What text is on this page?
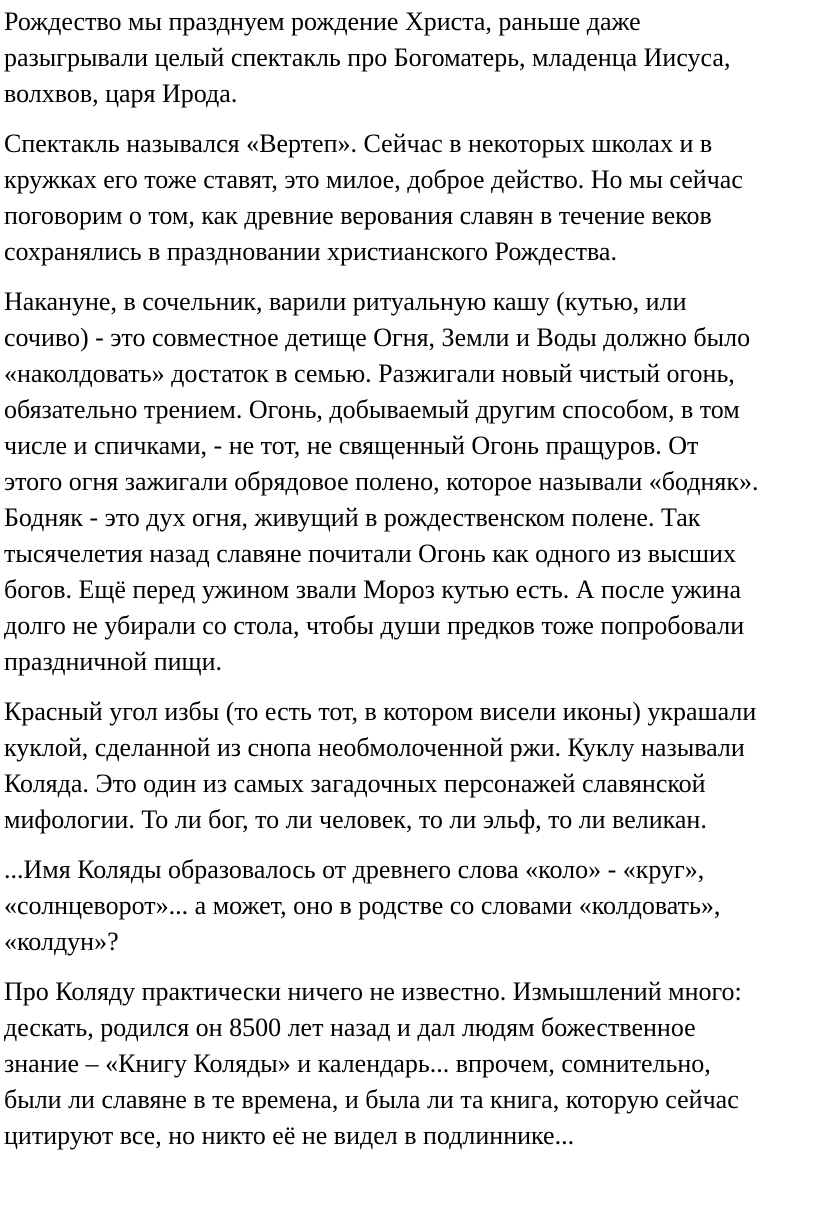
Рождество мы празднуем рождение Христа, раньше даже
разыгрывали целый спектакль про Богоматерь, младенца Иисуса,
волхвов, царя Ирода.

Спектакль назывался «Вертеп». Сейчас в некоторых школах и в
кружках его тоже ставят, это милое, доброе действо. Но мы сейчас
поговорим о том, как древние верования славян в течение веков
сохранялись в праздновании христианского Рождества.

Накануне, в сочельник, варили ритуальную кашу (кутью, или
сочиво) - это совместное детище Огня, Земли и Воды должно было
«наколдовать» достаток в семью. Разжигали новый чистый огонь,
обязательно трением. Огонь, добываемый другим способом, в том
числе и спичками, - не тот, не священный Огонь пращуров. От
этого огня зажигали обрядовое полено, которое называли «бодняк».
Бодняк - это дух огня, живущий в рождественском полене. Так
тысячелетия назад славяне почитали Огонь как одного из высших
богов. Ещё перед ужином звали Мороз кутью есть. А после ужина
долго не убирали со стола, чтобы души предков тоже попробовали
праздничной пищи.

Красный угол избы (то есть тот, в котором висели иконы) украшали
куклой, сделанной из снопа необмолоченной ржи. Куклу называли
Коляда. Это один из самых загадочных персонажей славянской
мифологии. То ли бог, то ли человек, то ли эльф, то ли великан.

...Имя Коляды образовалось от древнего слова «коло» - «круг»,
«солнцеворот»... а может, оно в родстве со словами «колдовать»,
«колдун»?

Про Коляду практически ничего не известно. Измышлений много:
дескать, родился он 8500 лет назад и дал людям божественное
знание – «Книгу Коляды» и календарь... впрочем, сомнительно,
были ли славяне в те времена, и была ли та книга, которую сейчас
цитируют все, но никто её не видел в подлиннике...
